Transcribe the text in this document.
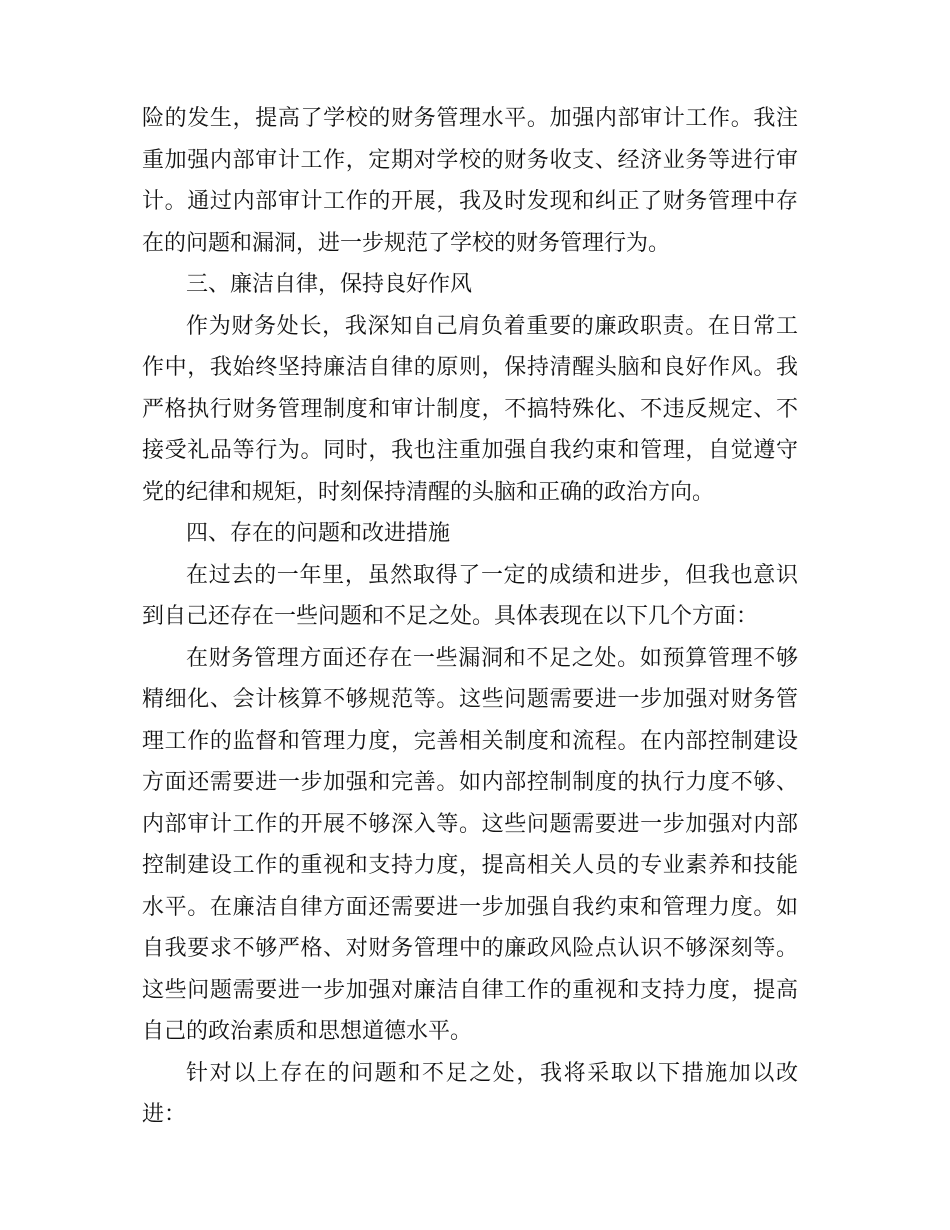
险的发生，提高了学校的财务管理水平。加强内部审计工作。我注重加强内部审计工作，定期对学校的财务收支、经济业务等进行审计。通过内部审计工作的开展，我及时发现和纠正了财务管理中存在的问题和漏洞，进一步规范了学校的财务管理行为。

三、廉洁自律，保持良好作风

作为财务处长，我深知自己肩负着重要的廉政职责。在日常工作中，我始终坚持廉洁自律的原则，保持清醒头脑和良好作风。我严格执行财务管理制度和审计制度，不搞特殊化、不违反规定、不接受礼品等行为。同时，我也注重加强自我约束和管理，自觉遵守党的纪律和规矩，时刻保持清醒的头脑和正确的政治方向。

四、存在的问题和改进措施

在过去的一年里，虽然取得了一定的成绩和进步，但我也意识到自己还存在一些问题和不足之处。具体表现在以下几个方面：

在财务管理方面还存在一些漏洞和不足之处。如预算管理不够精细化、会计核算不够规范等。这些问题需要进一步加强对财务管理工作的监督和管理力度，完善相关制度和流程。在内部控制建设方面还需要进一步加强和完善。如内部控制制度的执行力度不够、内部审计工作的开展不够深入等。这些问题需要进一步加强对内部控制建设工作的重视和支持力度，提高相关人员的专业素养和技能水平。在廉洁自律方面还需要进一步加强自我约束和管理力度。如自我要求不够严格、对财务管理中的廉政风险点认识不够深刻等。这些问题需要进一步加强对廉洁自律工作的重视和支持力度，提高自己的政治素质和思想道德水平。

针对以上存在的问题和不足之处，我将采取以下措施加以改进：
